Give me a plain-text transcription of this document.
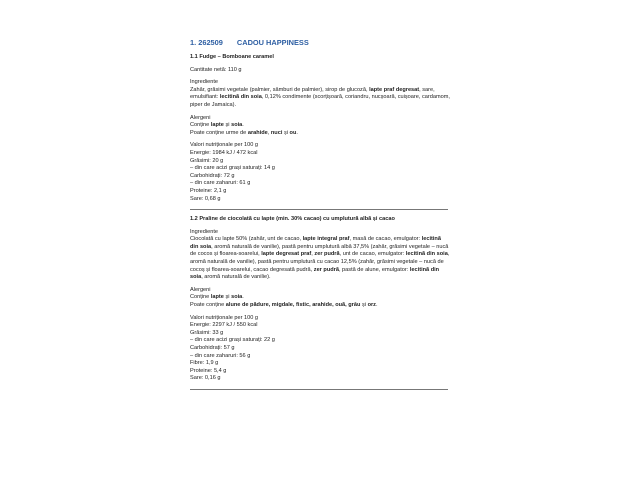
1. 262509 CADOU HAPPINESS
1.1 Fudge – Bomboane caramel
Cantitate netă: 110 g
Ingrediente
Zahăr, grăsimi vegetale (palmier, sâmburi de palmier), sirop de glucoză, lapte praf degresat, sare, emulsifiant: lecitină din soia, 0,12% condimente (scorțișoară, coriandru, nucșoară, cuișoare, cardamom, piper de Jamaica).
Alergeni
Conține lapte și soia.
Poate conține urme de arahide, nuci și ou.
Valori nutriționale per 100 g
Energie: 1984 kJ / 472 kcal
Grăsimi: 20 g
– din care acizi grași saturați: 14 g
Carbohidrați: 72 g
– din care zaharuri: 61 g
Proteine: 2,1 g
Sare: 0,68 g
1.2 Praline de ciocolată cu lapte (min. 30% cacao) cu umplutură albă și cacao
Ingrediente
Ciocolată cu lapte 50% (zahăr, unt de cacao, lapte integral praf, masă de cacao, emulgator: lecitină din soia, aromă naturală de vanilie), pastă pentru umplutură albă 37,5% (zahăr, grăsimi vegetale – nucă de cocos și floarea-soarelui, lapte degresat praf, zer pudră, unt de cacao, emulgator: lecitină din soia, aromă naturală de vanilie), pastă pentru umplutură cu cacao 12,5% (zahăr, grăsimi vegetale – nucă de cocoș și floarea-soarelui, cacao degresată pudră, zer pudră, pastă de alune, emulgator: lecitină din soia, aromă naturală de vanilie).
Alergeni
Conține lapte și soia.
Poate conține alune de pădure, migdale, fistic, arahide, ouă, grâu și orz.
Valori nutriționale per 100 g
Energie: 2297 kJ / 550 kcal
Grăsimi: 33 g
– din care acizi grași saturați: 22 g
Carbohidrați: 57 g
– din care zaharuri: 56 g
Fibre: 1,9 g
Proteine: 5,4 g
Sare: 0,16 g
